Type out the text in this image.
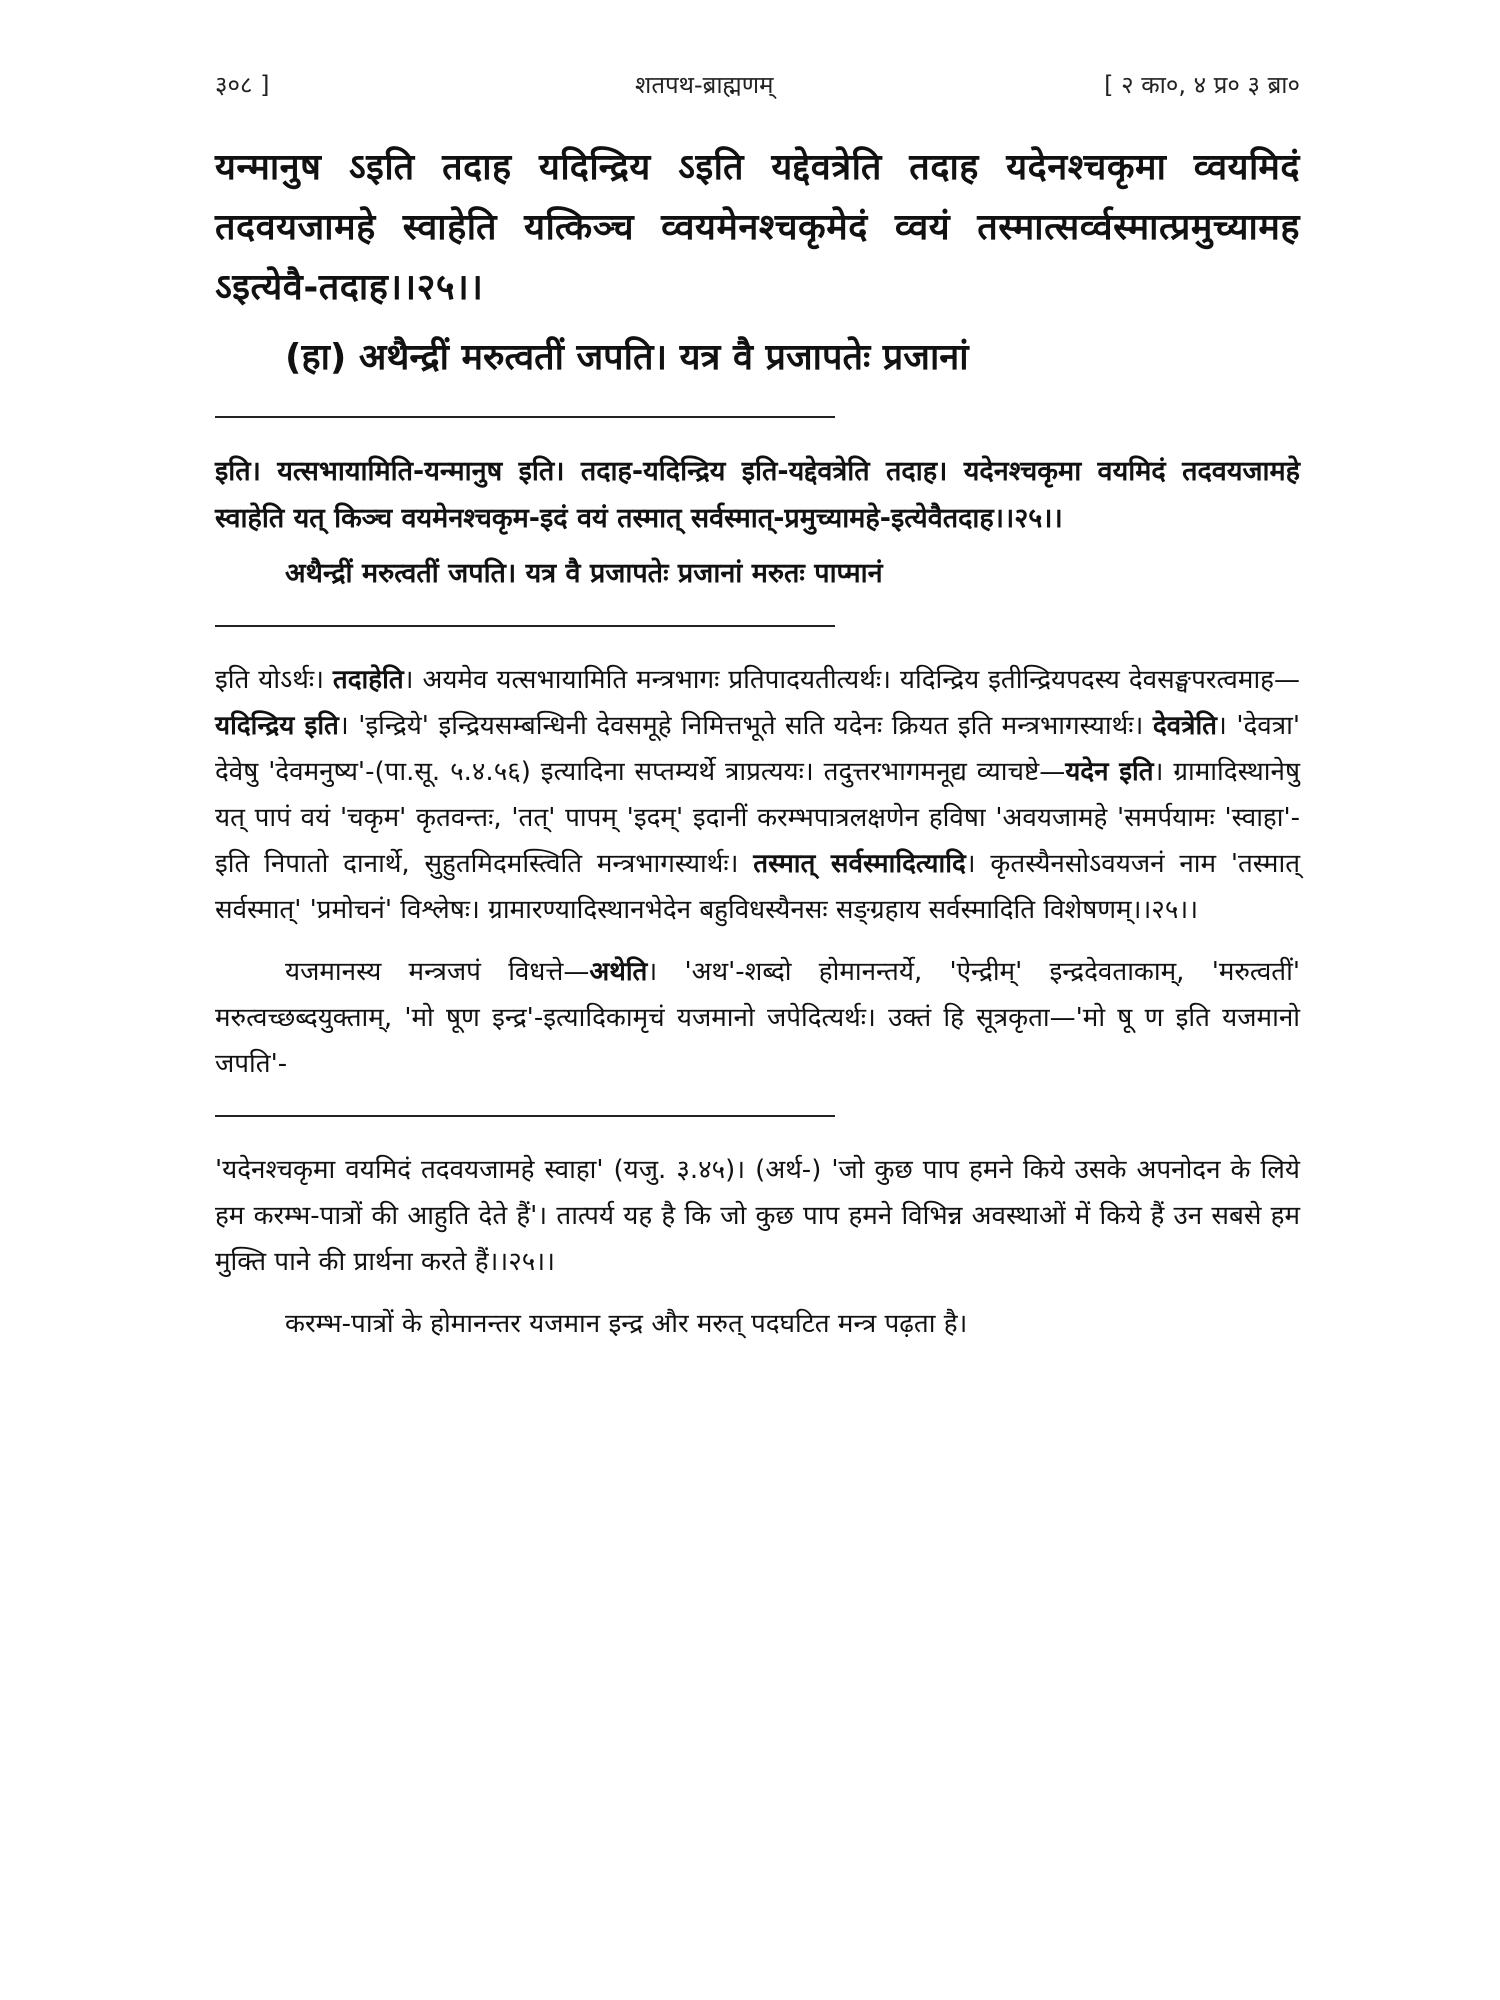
३०८ ]	शतपथ-ब्राह्मणम्	[ २ का०, ४ प्र० ३ ब्रा०
यन्मानुष ऽइति तदाह यदिन्द्रिय ऽइति यद्देवत्रेति तदाह यदेनश्चकृमा व्वयमिदं तदवयजामहे स्वाहेति यत्किञ्च व्वयमेनश्चकृमेदं व्वयं तस्मात्सर्व्वस्मात्प्रमुच्यामह ऽइत्येवै-तदाह।।२५।।
(हा) अथैन्द्रीं मरुत्वतीं जपति। यत्र वै प्रजापतेः प्रजानां
इति। यत्सभायामिति-यन्मानुष इति। तदाह-यदिन्द्रिय इति-यद्देवत्रेति तदाह। यदेनश्चकृमा वयमिदं तदवयजामहे स्वाहेति यत् किञ्च वयमेनश्चकृम-इदं वयं तस्मात् सर्वस्मात्-प्रमुच्यामहे-इत्येवैतदाह।।२५।।
अथैन्द्रीं मरुत्वतीं जपति। यत्र वै प्रजापतेः प्रजानां मरुतः पाप्मानं
इति योऽर्थः। तदाहेति। अयमेव यत्सभायामिति मन्त्रभागः प्रतिपादयतीत्यर्थः। यदिन्द्रिय इतीन्द्रियपदस्य देवसङ्घपरत्वमाह—यदिन्द्रिय इति। 'इन्द्रिये' इन्द्रियसम्बन्धिनी देवसमूहे निमित्तभूते सति यदेनः क्रियत इति मन्त्रभागस्यार्थः। देवत्रेति। 'देवत्रा' देवेषु 'देवमनुष्य'-(पा.सू. ५.४.५६) इत्यादिना सप्तम्यर्थे त्राप्रत्ययः। तदुत्तरभागमनूद्य व्याचष्टे—यदेन इति। ग्रामादिस्थानेषु यत् पापं वयं 'चकृम' कृतवन्तः, 'तत्' पापम् 'इदम्' इदानीं करम्भपात्रलक्षणेन हविषा 'अवयजामहे 'समर्पयामः 'स्वाहा'-इति निपातो दानार्थे, सुहुतमिदमस्त्विति मन्त्रभागस्यार्थः। तस्मात् सर्वस्मादित्यादि। कृतस्यैनसोऽवयजनं नाम 'तस्मात् सर्वस्मात्' 'प्रमोचनं' विश्लेषः। ग्रामारण्यादिस्थानभेदेन बहुविधस्यैनसः सङ्ग्रहाय सर्वस्मादिति विशेषणम्।।२५।।
यजमानस्य मन्त्रजपं विधत्ते—अथेति। 'अथ'-शब्दो होमानन्तर्ये, 'ऐन्द्रीम्' इन्द्रदेवताकाम्, 'मरुत्वतीं' मरुत्वच्छब्दयुक्ताम्, 'मो षूण इन्द्र'-इत्यादिकामृचं यजमानो जपेदित्यर्थः। उक्तं हि सूत्रकृता—'मो षू ण इति यजमानो जपति'-
'यदेनश्चकृमा वयमिदं तदवयजामहे स्वाहा' (यजु. ३.४५)। (अर्थ-) 'जो कुछ पाप हमने किये उसके अपनोदन के लिये हम करम्भ-पात्रों की आहुति देते हैं'। तात्पर्य यह है कि जो कुछ पाप हमने विभिन्न अवस्थाओं में किये हैं उन सबसे हम मुक्ति पाने की प्रार्थना करते हैं।।२५।।
करम्भ-पात्रों के होमानन्तर यजमान इन्द्र और मरुत् पदघटित मन्त्र पढ़ता है।
